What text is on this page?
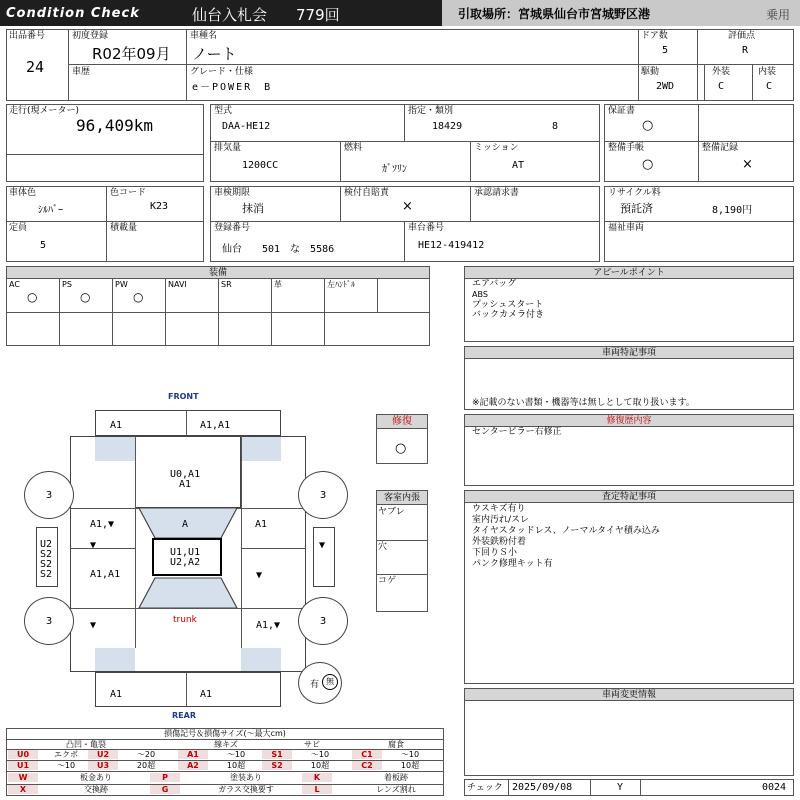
Condition Check	仙台入札会 779回	引取場所：宮城県仙台市宮城野区港	乗用
出品番号
24
初度登録
R02年09月
車種名
ノート
ドア数
5
評価点
R
車歴	グレード・仕様
e－POWER　B
駆動
2WD
外装
C
内装
C
走行(現メーター)
96,409km
型式
DAA-HE12
指定・類別
18429	8
排気量
1200CC
燃料
ｶﾞｿﾘﾝ
ミッション
AT
保証書
○
整備手帳
○
整備記録
×
車体色
ｼﾙﾊﾞｰ
色コード
K23
定員
5
積載量
車検期限
抹消
検付自賠責
×
承認請求書
登録番号
仙台　　501　な　5586
車台番号
HE12-419412
リサイクル料
預託済	8,190円
福祉車両
装備
AC
○
PS
○
PW
○
NAVI	SR	革	左ﾊﾝﾄﾞﾙ
アピールポイント
エアバッグ
ABS
プッシュスタート
バックカメラ付き
車両特記事項
※記載のない書類・機器等は無しとして取り扱います。
修復歴内容
センターピラー右修正
査定特記事項
ウスキズ有り
室内汚れ/スレ
タイヤスタッドレス、ノーマルタイヤ積み込み
外装鉄粉付着
下回りＳ小
パンク修理キット有
車両変更情報
チェック 2025/09/08	Y	0024
修復
○
客室内張
ヤブレ
穴
コゲ
FRONT
REAR
A1	A1,A1
U0,A1
A1
A1,▼	A1
A1,A1	▼
▼	A1,▼
A
U1,U1
U2,A2
trunk
A1	A1
U2
S2
S2
S2
▼
▼
3	3
3	3
有 無
損傷記号＆損傷サイズ(～最大cm)
凸凹・亀裂	線キズ	サビ	腐食
U0	エクボ	U2	～20	A1	～10	S1	～10	C1	～10
U1	～10	U3	20超	A2	10超	S2	10超	C2	10超
W	板金あり	P	塗装あり	K	着板跡
X	交換跡	G	ガラス交換要す	L	レンズ割れ
